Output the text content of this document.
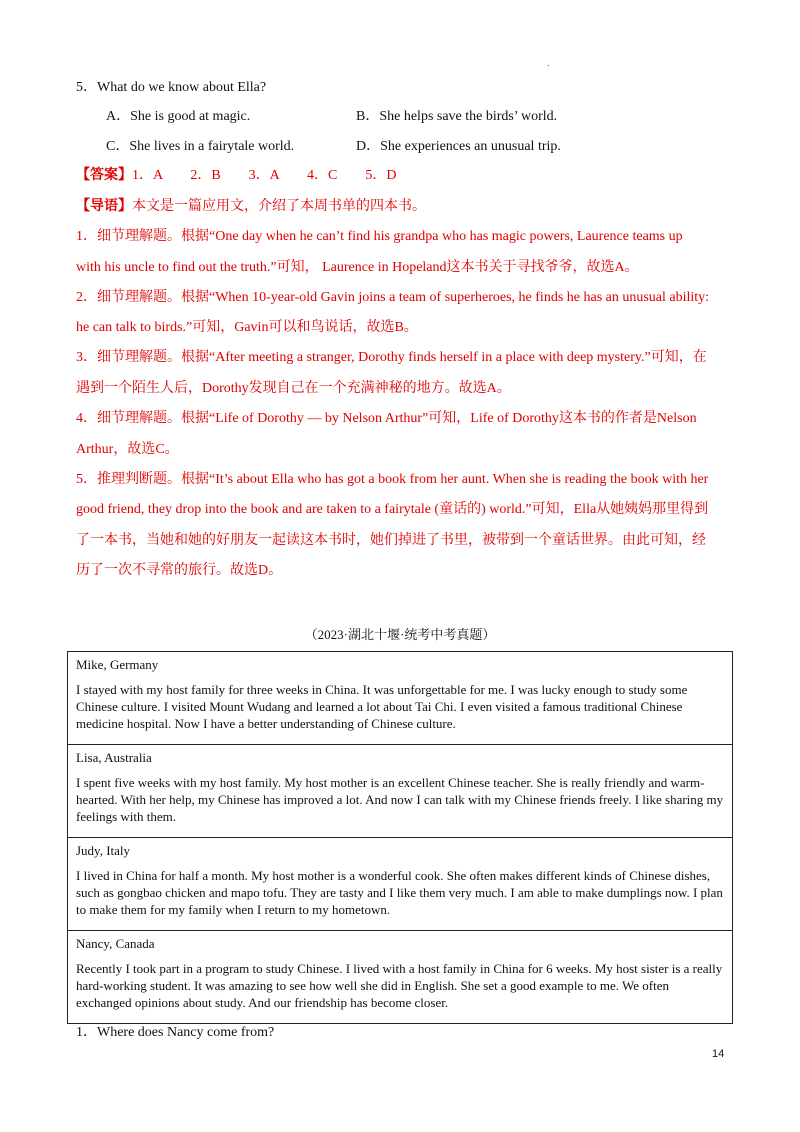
.
5．What do we know about Ella?
A．She is good at magic.	B．She helps save the birds’ world.
C．She lives in a fairytale world.	D．She experiences an unusual trip.
【答案】1．A　　2．B　　3．A　　4．C　　5．D
【导语】本文是一篇应用文，介绍了本周书单的四本书。
1．细节理解题。根据“One day when he can’t find his grandpa who has magic powers, Laurence teams up
with his uncle to find out the truth.”可知， Laurence in Hopeland这本书关于寻找爷爷，故选A。
2．细节理解题。根据“When 10-year-old Gavin joins a team of superheroes, he finds he has an unusual ability:
he can talk to birds.”可知，Gavin可以和鸟说话，故选B。
3．细节理解题。根据“After meeting a stranger, Dorothy finds herself in a place with deep mystery.”可知，在
遇到一个陌生人后，Dorothy发现自己在一个充满神秘的地方。故选A。
4．细节理解题。根据“Life of Dorothy — by Nelson Arthur”可知，Life of Dorothy这本书的作者是Nelson
Arthur，故选C。
5．推理判断题。根据“It’s about Ella who has got a book from her aunt. When she is reading the book with her
good friend, they drop into the book and are taken to a fairytale (童话的) world.”可知，Ella从她姨妈那里得到
了一本书，当她和她的好朋友一起读这本书时，她们掉进了书里，被带到一个童话世界。由此可知，经
历了一次不寻常的旅行。故选D。
（2023·湖北十堰·统考中考真题）
Mike, Germany
I stayed with my host family for three weeks in China. It was unforgettable for me. I was lucky enough to study some Chinese culture. I visited Mount Wudang and learned a lot about Tai Chi. I even visited a famous traditional Chinese medicine hospital. Now I have a better understanding of Chinese culture.

Lisa, Australia
I spent five weeks with my host family. My host mother is an excellent Chinese teacher. She is really friendly and warm-hearted. With her help, my Chinese has improved a lot. And now I can talk with my Chinese friends freely. I like sharing my feelings with them.

Judy, Italy
I lived in China for half a month. My host mother is a wonderful cook. She often makes different kinds of Chinese dishes, such as gongbao chicken and mapo tofu. They are tasty and I like them very much. I am able to make dumplings now. I plan to make them for my family when I return to my hometown.

Nancy, Canada
Recently I took part in a program to study Chinese. I lived with a host family in China for 6 weeks. My host sister is a really hard-working student. It was amazing to see how well she did in English. She set a good example to me. We often exchanged opinions about study. And our friendship has become closer.
1．Where does Nancy come from?
14
